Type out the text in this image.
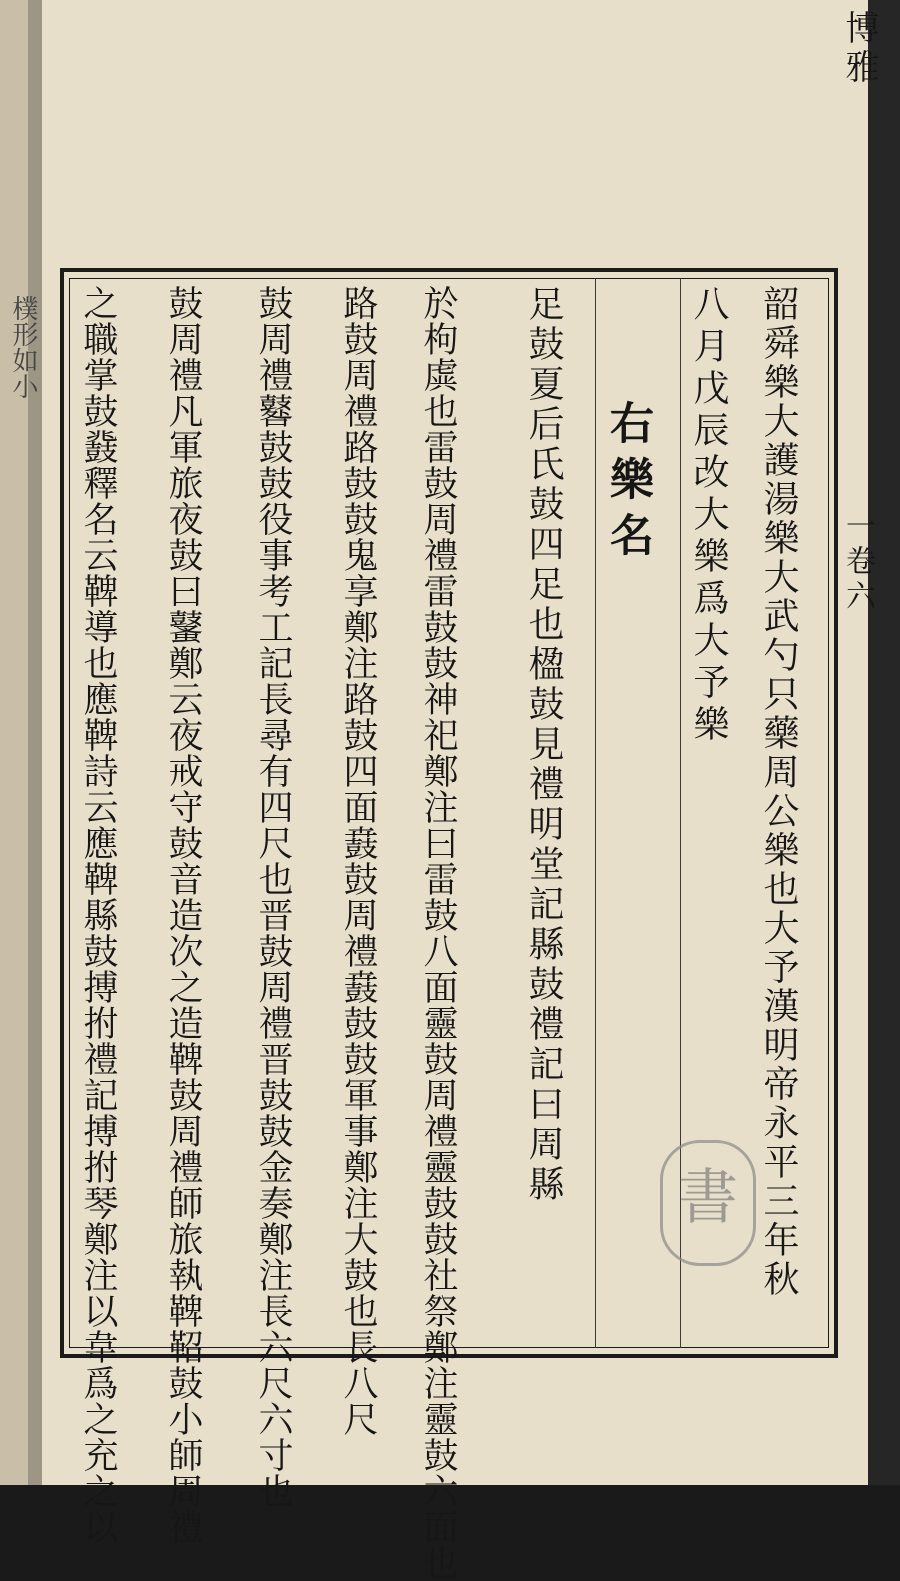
樸形如小
博雅
一卷六
韶舜樂大護湯樂大武勺只藥周公樂也大予漢明帝永平三年秋
八月戊辰改大樂爲大予樂
右樂名
足鼓夏后氏鼓四足也楹鼓見禮明堂記縣鼓禮記曰周縣
於枸虡也雷鼓周禮雷鼓鼓神祀鄭注曰雷鼓八面靈鼓周禮靈鼓鼓社祭鄭注靈鼓六面也
路鼓周禮路鼓鼓鬼享鄭注路鼓四面鼖鼓周禮鼖鼓鼓軍事鄭注大鼓也長八尺
鼓周禮鼛鼓鼓役事考工記長尋有四尺也晋鼓周禮晋鼓鼓金奏鄭注長六尺六寸也
鼓周禮凡軍旅夜鼓曰鼜鄭云夜戒守鼓音造次之造鞞鼓周禮師旅執鞞鞀鼓小師周禮
之職掌鼓鼗釋名云鞞導也應鞞詩云應鞞縣鼓搏拊禮記搏拊琴鄭注以韋爲之充之以	書
